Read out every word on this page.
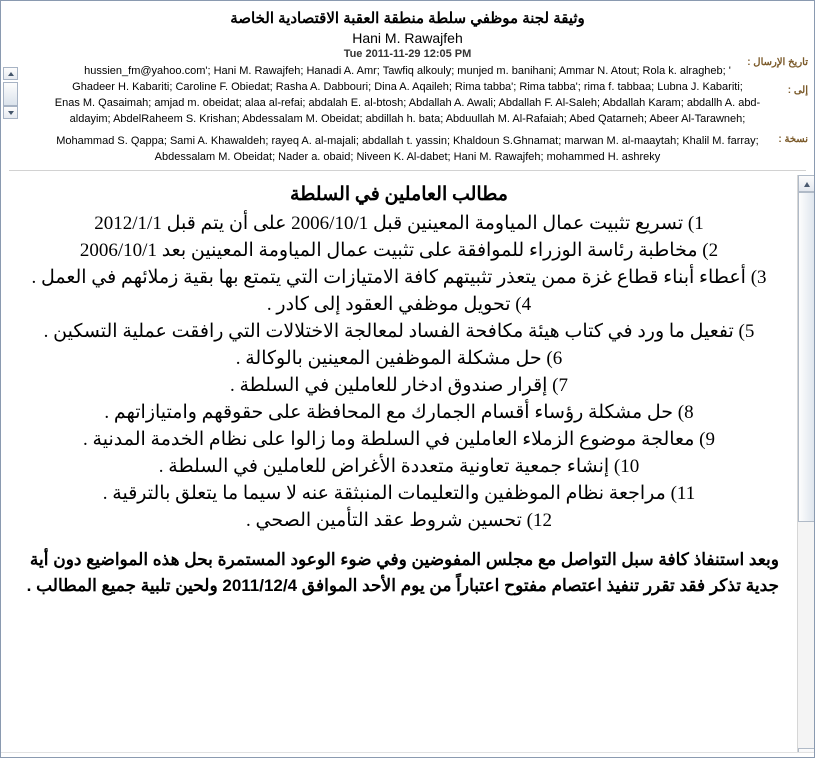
وثيقة لجنة موظفي سلطة منطقة العقبة الاقتصادية الخاصة
Hani M. Rawajfeh
Tue 2011-11-29 12:05 PM
تاريخ الإرسال :
إلى :
نسخة :
hussien_fm@yahoo.com'; Hani M. Rawajfeh; Hanadi A. Amr; Tawfiq alkouly; munjed m. banihani; Ammar N. Atout; Rola k. alragheb; '
Ghadeer H. Kabariti; Caroline F. Obiedat; Rasha A. Dabbouri; Dina A. Aqaileh; Rima tabba'; Rima tabba'; rima f. tabbaa; Lubna J. Kabariti;
Enas M. Qasaimah; amjad m. obeidat; alaa al-refai; abdalah E. al-btosh; Abdallah A. Awali; Abdallah F. Al-Saleh; Abdallah Karam; abdallh A. abd-
aldayim; AbdelRaheem S. Krishan; Abdessalam M. Obeidat; abdillah h. bata; Abduullah M. Al-Rafaiah; Abed Qatarneh; Abeer Al-Tarawneh;
Mohammad S. Qappa; Sami A. Khawaldeh; rayeq A. al-majali; abdallah t. yassin; Khaldoun S.Ghnamat; marwan M. al-maaytah; Khalil M. farray;
Abdessalam M. Obeidat; Nader a. obaid; Niveen K. Al-dabet; Hani M. Rawajfeh; mohammed H. ashreky
مطالب العاملين في السلطة
1) تسريع تثبيت عمال المياومة المعينين قبل 2006/10/1 على أن يتم قبل 2012/1/1
2) مخاطبة رئاسة الوزراء للموافقة على تثبيت عمال المياومة المعينين بعد 2006/10/1
3) أعطاء أبناء قطاع غزة ممن يتعذر تثبيتهم كافة الامتيازات التي يتمتع بها بقية زملائهم في العمل .
4) تحويل موظفي العقود إلى كادر .
5) تفعيل ما ورد في كتاب هيئة مكافحة الفساد لمعالجة الاختلالات التي رافقت عملية التسكين .
6) حل مشكلة الموظفين المعينين بالوكالة .
7) إقرار صندوق ادخار للعاملين في السلطة .
8) حل مشكلة رؤساء أقسام الجمارك مع المحافظة على حقوقهم وامتيازاتهم .
9) معالجة موضوع الزملاء العاملين في السلطة وما زالوا على نظام الخدمة المدنية .
10) إنشاء جمعية تعاونية متعددة الأغراض للعاملين في السلطة .
11) مراجعة نظام الموظفين والتعليمات المنبثقة عنه لا سيما ما يتعلق بالترقية .
12) تحسين شروط عقد التأمين الصحي .
وبعد استنفاذ كافة سبل التواصل مع مجلس المفوضين وفي ضوء الوعود المستمرة بحل هذه المواضيع دون أية جدية تذكر فقد تقرر تنفيذ اعتصام مفتوح اعتباراً من يوم الأحد الموافق 2011/12/4 ولحين تلبية جميع المطالب .
